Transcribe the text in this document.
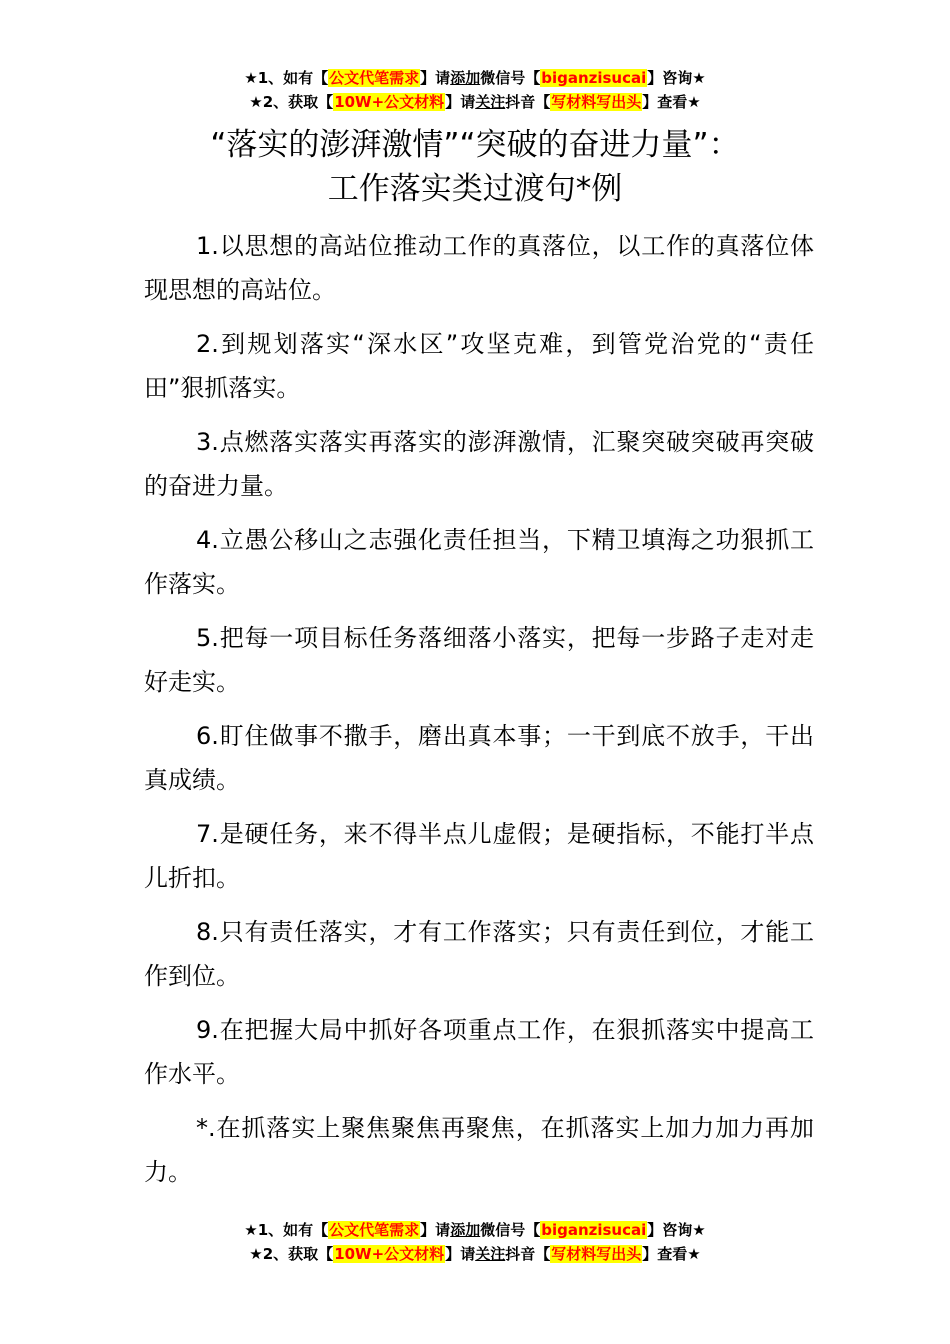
★1、如有【公文代笔需求】请添加微信号【biganzisucai】咨询★
★2、获取【10W+公文材料】请关注抖音【写材料写出头】查看★
“落实的澎湃激情”“突破的奋进力量”：
工作落实类过渡句*例

1.以思想的高站位推动工作的真落位，以工作的真落位体现思想的高站位。

2.到规划落实“深水区”攻坚克难，到管党治党的“责任田”狠抓落实。

3.点燃落实落实再落实的澎湃激情，汇聚突破突破再突破的奋进力量。

4.立愚公移山之志强化责任担当，下精卫填海之功狠抓工作落实。

5.把每一项目标任务落细落小落实，把每一步路子走对走好走实。

6.盯住做事不撒手，磨出真本事；一干到底不放手，干出真成绩。

7.是硬任务，来不得半点儿虚假；是硬指标，不能打半点儿折扣。

8.只有责任落实，才有工作落实；只有责任到位，才能工作到位。

9.在把握大局中抓好各项重点工作，在狠抓落实中提高工作水平。

*.在抓落实上聚焦聚焦再聚焦，在抓落实上加力加力再加力。

★1、如有【公文代笔需求】请添加微信号【biganzisucai】咨询★
★2、获取【10W+公文材料】请关注抖音【写材料写出头】查看★
